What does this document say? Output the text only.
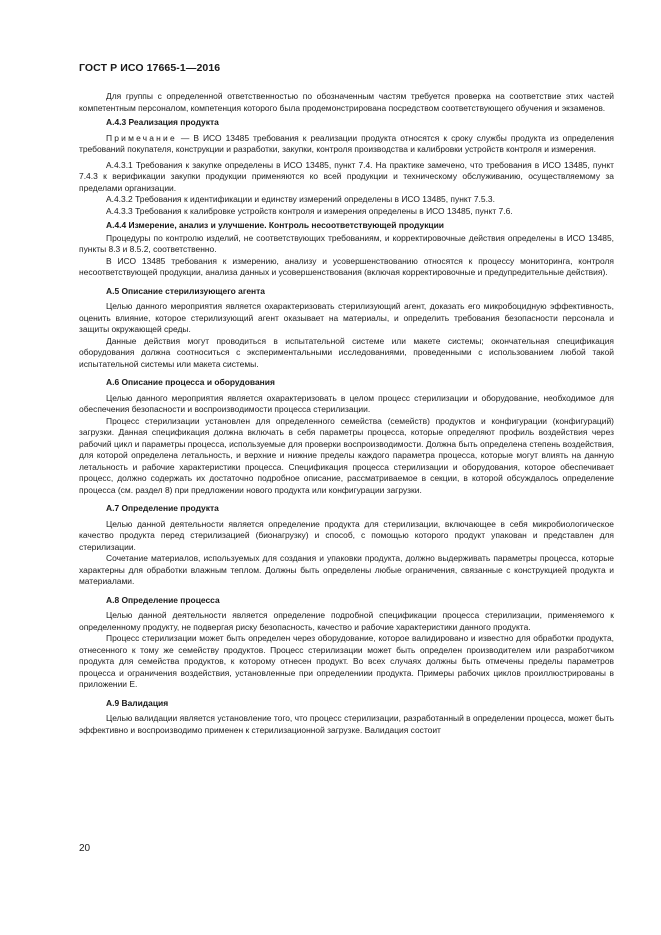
ГОСТ Р ИСО 17665-1—2016

Для группы с определенной ответственностью по обозначенным частям требуется проверка на соответствие этих частей компетентным персоналом, компетенция которого была продемонстрирована посредством соответствующего обучения и экзаменов.

А.4.3 Реализация продукта

Примечание — В ИСО 13485 требования к реализации продукта относятся к сроку службы продукта из определения требований покупателя, конструкции и разработки, закупки, контроля производства и калибровки устройств контроля и измерения.

А.4.3.1 Требования к закупке определены в ИСО 13485, пункт 7.4. На практике замечено, что требования в ИСО 13485, пункт 7.4.3 к верификации закупки продукции применяются ко всей продукции и техническому обслуживанию, осуществляемому за пределами организации.

А.4.3.2 Требования к идентификации и единству измерений определены в ИСО 13485, пункт 7.5.3.

А.4.3.3 Требования к калибровке устройств контроля и измерения определены в ИСО 13485, пункт 7.6.

А.4.4 Измерение, анализ и улучшение. Контроль несоответствующей продукции

Процедуры по контролю изделий, не соответствующих требованиям, и корректировочные действия определены в ИСО 13485, пункты 8.3 и 8.5.2, соответственно.

В ИСО 13485 требования к измерению, анализу и усовершенствованию относятся к процессу мониторинга, контроля несоответствующей продукции, анализа данных и усовершенствования (включая корректировочные и предупредительные действия).

А.5 Описание стерилизующего агента

Целью данного мероприятия является охарактеризовать стерилизующий агент, доказать его микробоцидную эффективность, оценить влияние, которое стерилизующий агент оказывает на материалы, и определить требования безопасности персонала и защиты окружающей среды.

Данные действия могут проводиться в испытательной системе или макете системы; окончательная спецификация оборудования должна соотноситься с экспериментальными исследованиями, проведенными с использованием любой такой испытательной системы или макета системы.

А.6 Описание процесса и оборудования

Целью данного мероприятия является охарактеризовать в целом процесс стерилизации и оборудование, необходимое для обеспечения безопасности и воспроизводимости процесса стерилизации.

Процесс стерилизации установлен для определенного семейства (семейств) продуктов и конфигурации (конфигураций) загрузки. Данная спецификация должна включать в себя параметры процесса, которые определяют профиль воздействия через рабочий цикл и параметры процесса, используемые для проверки воспроизводимости. Должна быть определена степень воздействия, для которой определена летальность, и верхние и нижние пределы каждого параметра процесса, которые могут влиять на данную летальность и рабочие характеристики процесса. Спецификация процесса стерилизации и оборудования, которое обеспечивает процесс, должно содержать их достаточно подробное описание, рассматриваемое в секции, в которой обсуждалось определение процесса (см. раздел 8) при предложении нового продукта или конфигурации загрузки.

А.7 Определение продукта

Целью данной деятельности является определение продукта для стерилизации, включающее в себя микробиологическое качество продукта перед стерилизацией (бионагрузку) и способ, с помощью которого продукт упакован и представлен для стерилизации.

Сочетание материалов, используемых для создания и упаковки продукта, должно выдерживать параметры процесса, которые характерны для обработки влажным теплом. Должны быть определены любые ограничения, связанные с конструкцией продукта и материалами.

А.8 Определение процесса

Целью данной деятельности является определение подробной спецификации процесса стерилизации, применяемого к определенному продукту, не подвергая риску безопасность, качество и рабочие характеристики данного продукта.

Процесс стерилизации может быть определен через оборудование, которое валидировано и известно для обработки продукта, отнесенного к тому же семейству продуктов. Процесс стерилизации может быть определен производителем или разработчиком продукта для семейства продуктов, к которому отнесен продукт. Во всех случаях должны быть отмечены пределы параметров процесса и ограничения воздействия, установленные при определениии продукта. Примеры рабочих циклов проиллюстрированы в приложении Е.

А.9 Валидация

Целью валидации является установление того, что процесс стерилизации, разработанный в определении процесса, может быть эффективно и воспроизводимо применен к стерилизационной загрузке. Валидация состоит

20
